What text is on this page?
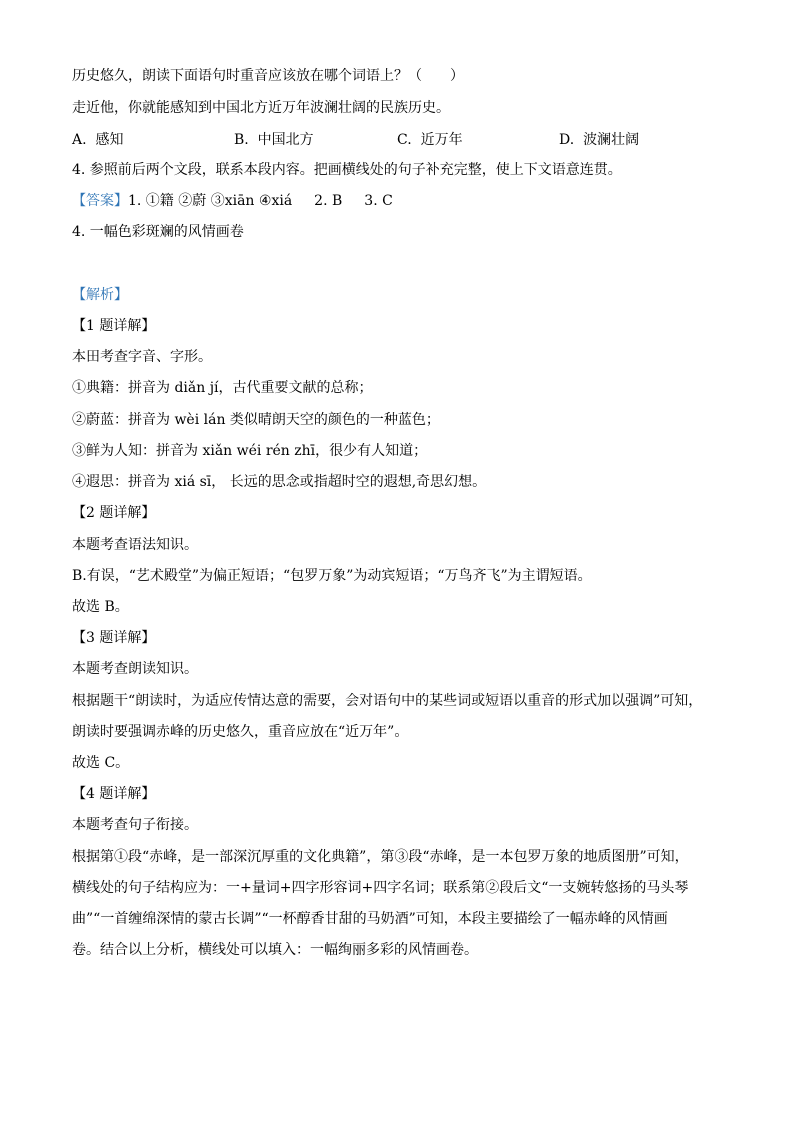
历史悠久，朗读下面语句时重音应该放在哪个词语上？（　　）
走近他，你就能感知到中国北方近万年波澜壮阔的民族历史。
A. 感知	B. 中国北方	C. 近万年	D. 波澜壮阔
4. 参照前后两个文段，联系本段内容。把画横线处的句子补充完整，使上下文语意连贯。
【答案】1. ①籍 ②蔚 ③xiān ④xiá 2. B 3. C
4. 一幅色彩斑斓的风情画卷
【解析】
【1 题详解】
本田考查字音、字形。
①典籍：拼音为 diǎn jí，古代重要文献的总称；
②蔚蓝：拼音为 wèi lán 类似晴朗天空的颜色的一种蓝色；
③鲜为人知：拼音为 xiǎn wéi rén zhī，很少有人知道；
④遐思：拼音为 xiá sī， 长远的思念或指超时空的遐想,奇思幻想。
【2 题详解】
本题考查语法知识。
B.有误，“艺术殿堂”为偏正短语；“包罗万象”为动宾短语；“万鸟齐飞”为主谓短语。
故选 B。
【3 题详解】
本题考查朗读知识。
根据题干“朗读时，为适应传情达意的需要，会对语句中的某些词或短语以重音的形式加以强调”可知，
朗读时要强调赤峰的历史悠久，重音应放在“近万年”。
故选 C。
【4 题详解】
本题考查句子衔接。
根据第①段“赤峰，是一部深沉厚重的文化典籍”，第③段“赤峰，是一本包罗万象的地质图册”可知，
横线处的句子结构应为：一+量词+四字形容词+四字名词；联系第②段后文“一支婉转悠扬的马头琴
曲”“一首缠绵深情的蒙古长调”“一杯醇香甘甜的马奶酒”可知，本段主要描绘了一幅赤峰的风情画
卷。结合以上分析，横线处可以填入：一幅绚丽多彩的风情画卷。
